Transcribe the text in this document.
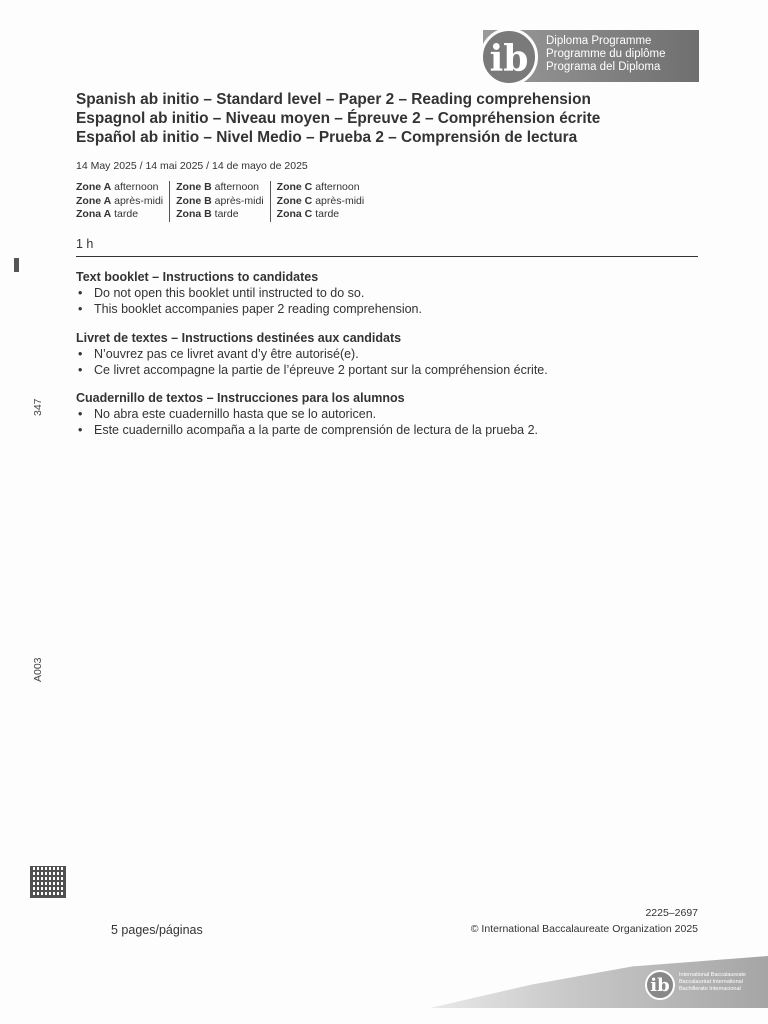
ib	Diploma Programme
Programme du diplôme
Programa del Diploma
Spanish ab initio – Standard level – Paper 2 – Reading comprehension
Espagnol ab initio – Niveau moyen – Épreuve 2 – Compréhension écrite
Español ab initio – Nivel Medio – Prueba 2 – Comprensión de lectura
14 May 2025 / 14 mai 2025 / 14 de mayo de 2025
Zone A afternoon
Zone A après-midi
Zona A tarde
Zone B afternoon
Zone B après-midi
Zona B tarde
Zone C afternoon
Zone C après-midi
Zona C tarde
1 h
Text booklet – Instructions to candidates
• Do not open this booklet until instructed to do so.
• This booklet accompanies paper 2 reading comprehension.
Livret de textes – Instructions destinées aux candidats
• N’ouvrez pas ce livret avant d’y être autorisé(e).
• Ce livret accompagne la partie de l’épreuve 2 portant sur la compréhension écrite.
Cuadernillo de textos – Instrucciones para los alumnos
• No abra este cuadernillo hasta que se lo autoricen.
• Este cuadernillo acompaña a la parte de comprensión de lectura de la prueba 2.
347
A003
5 pages/páginas
2225–2697
© International Baccalaureate Organization 2025
ib	International Baccalaureate
Baccalauréat International
Bachillerato Internacional
